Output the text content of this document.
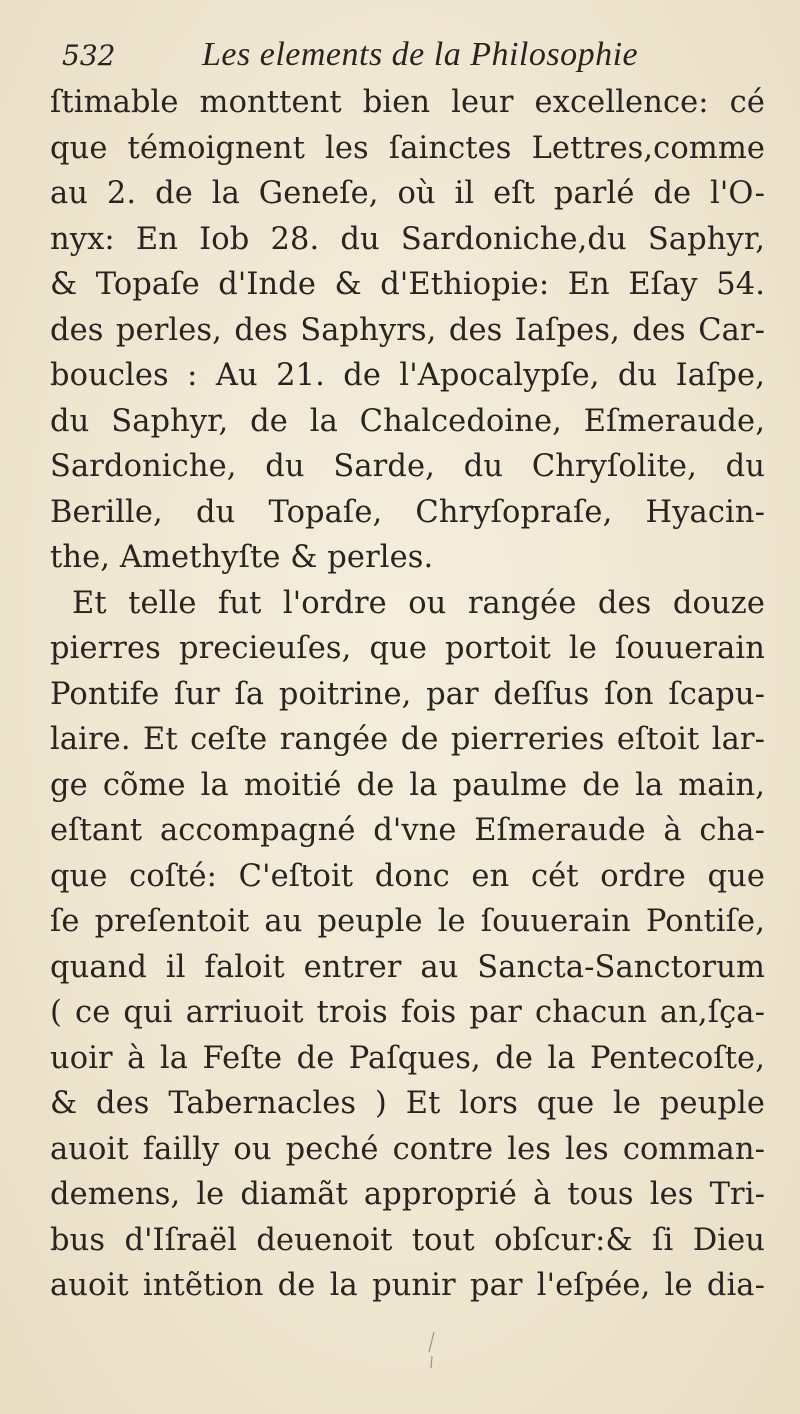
532	Les elements de la Philosophie
ſtimable monttent bien leur excellence: cé
que témoignent les ſainctes Lettres,comme
au 2. de la Geneſe, où il eſt parlé de l'O-
nyx: En Iob 28. du Sardoniche,du Saphyr,
& Topaſe d'Inde & d'Ethiopie: En Eſay 54.
des perles, des Saphyrs, des Iaſpes, des Car-
boucles : Au 21. de l'Apocalypſe, du Iaſpe,
du Saphyr, de la Chalcedoine, Eſmeraude,
Sardoniche, du Sarde, du Chryſolite, du
Berille, du Topaſe, Chryſopraſe, Hyacin-
the, Amethyſte & perles.
Et telle fut l'ordre ou rangée des douze
pierres precieuſes, que portoit le ſouuerain
Pontife ſur ſa poitrine, par deſſus ſon ſcapu-
laire. Et ceſte rangée de pierreries eſtoit lar-
ge cõme la moitié de la paulme de la main,
eſtant accompagné d'vne Eſmeraude à cha-
que coſté: C'eſtoit donc en cét ordre que
ſe preſentoit au peuple le ſouuerain Pontiſe,
quand il faloit entrer au Sancta-Sanctorum
( ce qui arriuoit trois fois par chacun an,ſça-
uoir à la Feſte de Paſques, de la Pentecoſte,
& des Tabernacles ) Et lors que le peuple
auoit failly ou peché contre les les comman-
demens, le diamãt approprié à tous les Tri-
bus d'Iſraël deuenoit tout obſcur:& ſi Dieu
auoit intẽtion de la punir par l'eſpée, le dia-
